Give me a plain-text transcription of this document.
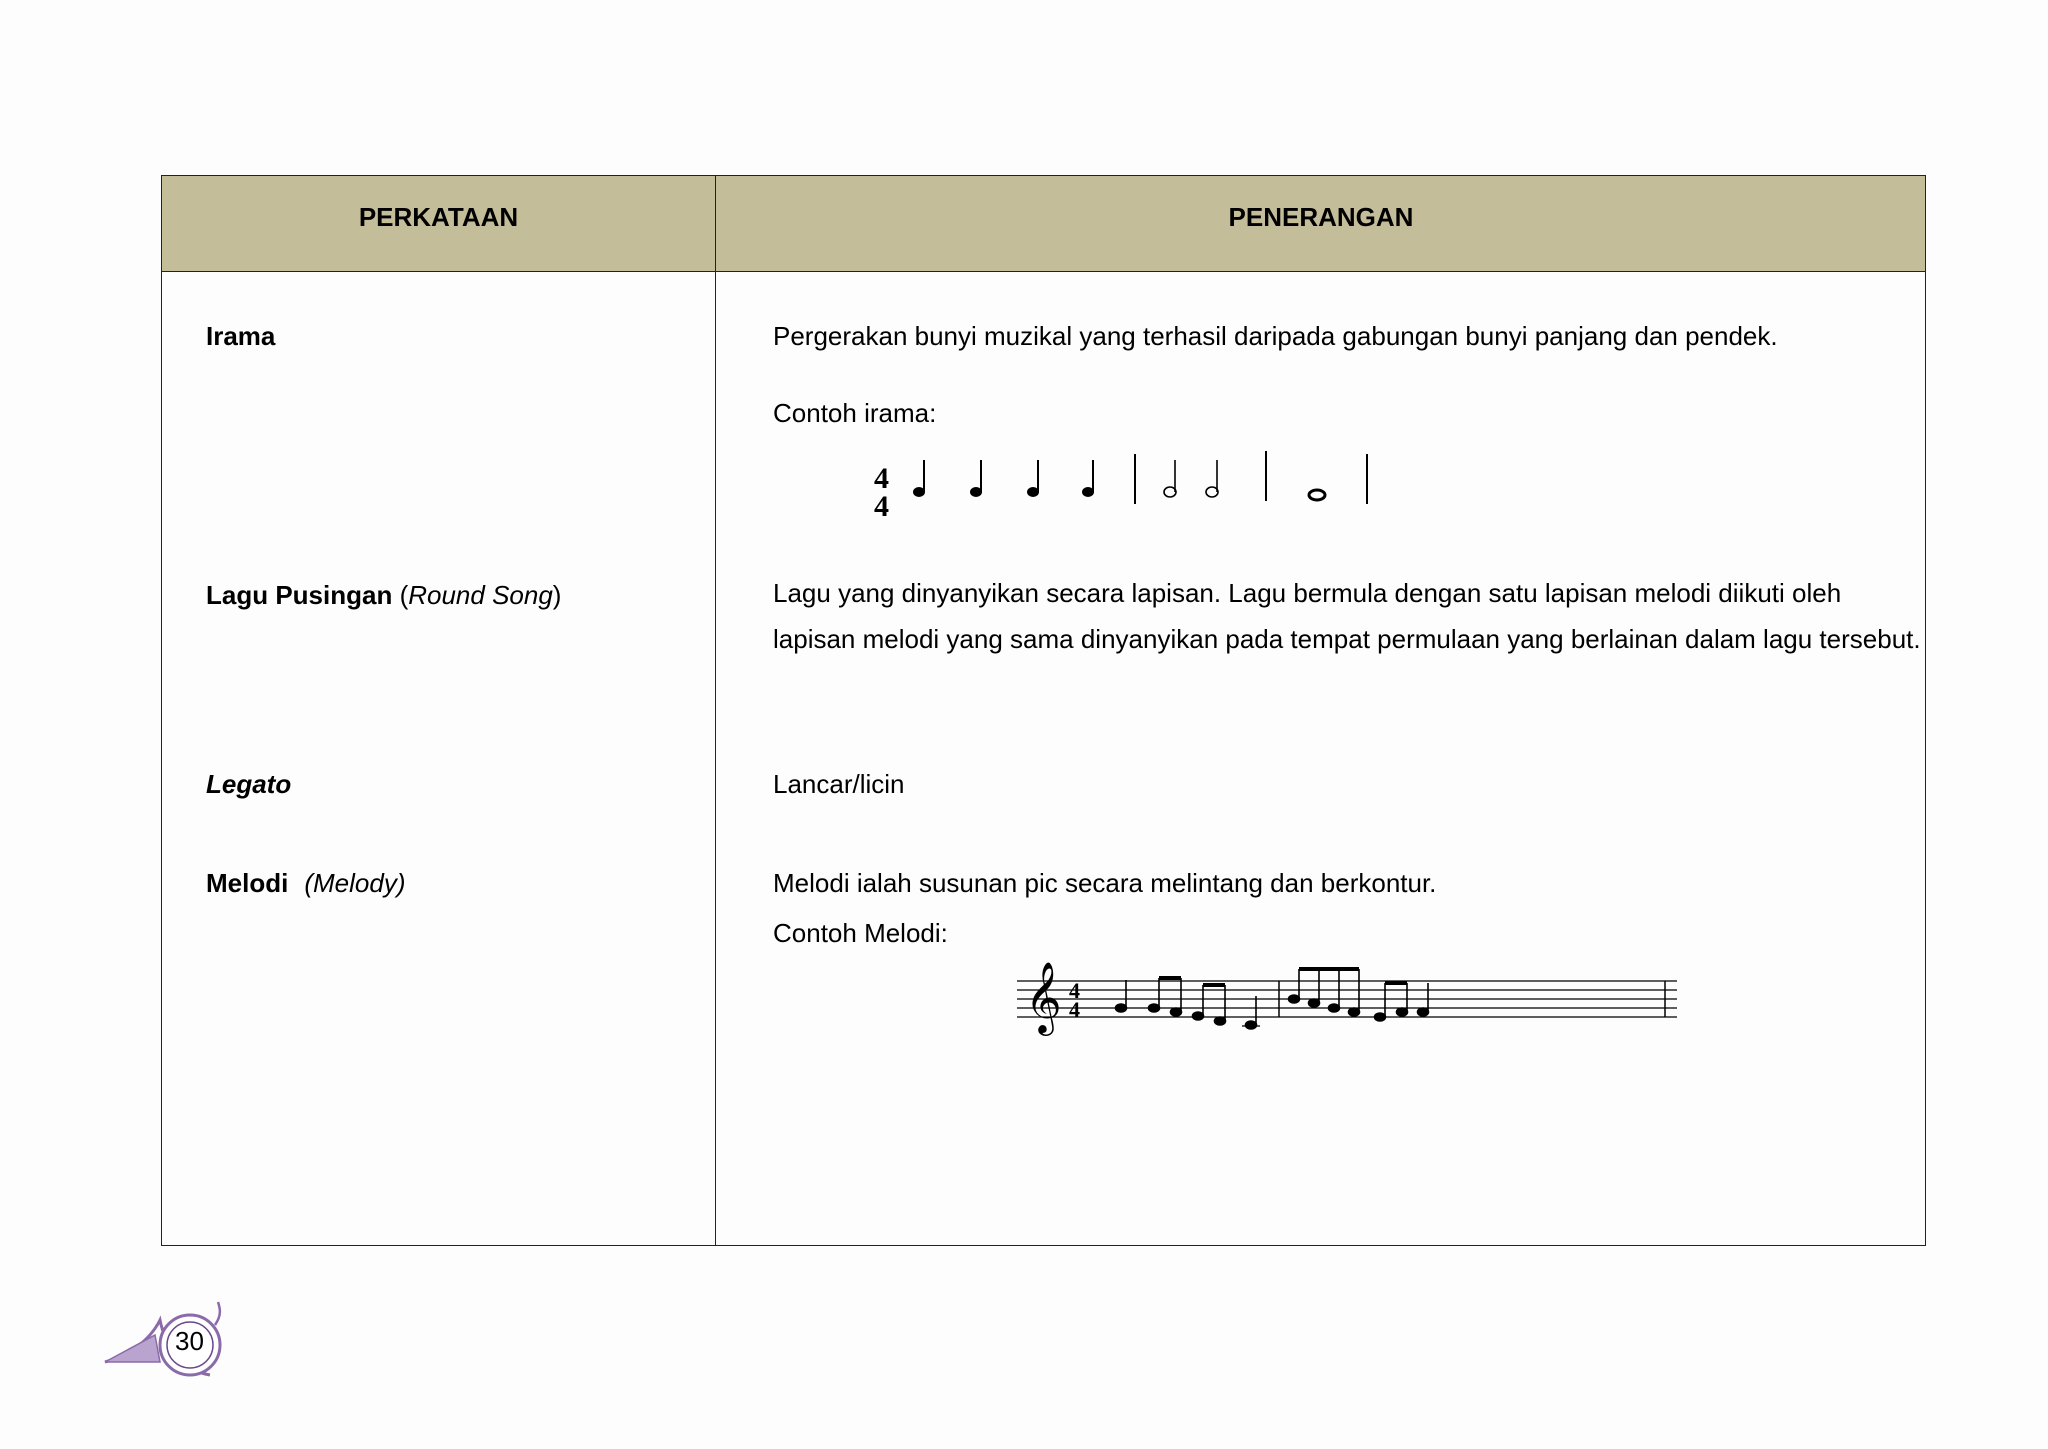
PERKATAAN	PENERANGAN
Irama	Pergerakan bunyi muzikal yang terhasil daripada gabungan bunyi panjang dan pendek.
Contoh irama:
4
4
Lagu Pusingan (Round Song)	Lagu yang dinyanyikan secara lapisan. Lagu bermula dengan satu lapisan melodi diikuti oleh lapisan melodi yang sama dinyanyikan pada tempat permulaan yang berlainan dalam lagu tersebut.
Legato	Lancar/licin
Melodi (Melody)	Melodi ialah susunan pic secara melintang dan berkontur.
Contoh Melodi:
𝄞 4
4
30
